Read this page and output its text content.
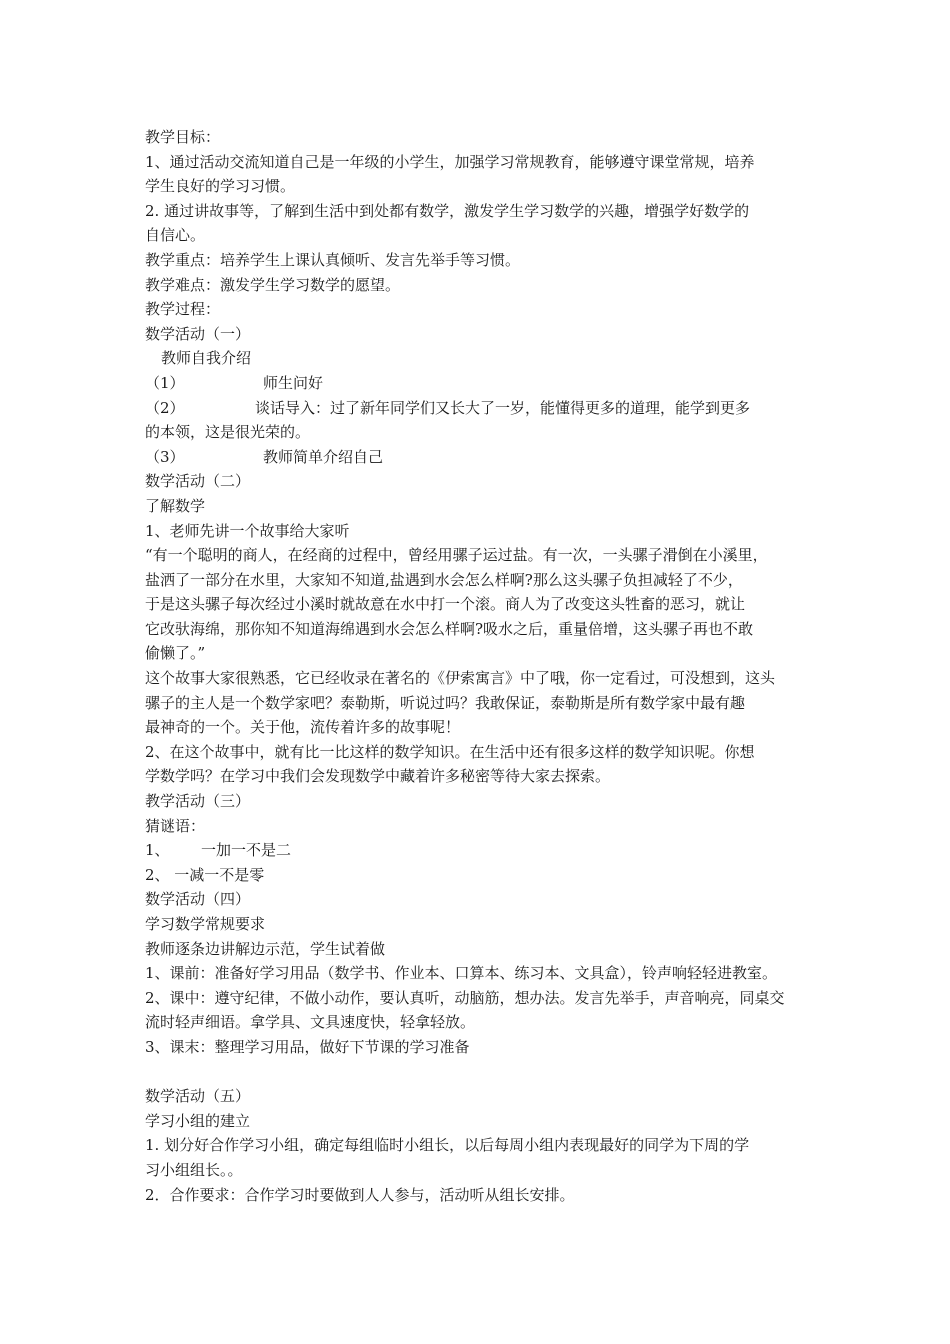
教学目标：
1、通过活动交流知道自己是一年级的小学生，加强学习常规教育，能够遵守课堂常规，培养
学生良好的学习习惯。
2. 通过讲故事等，了解到生活中到处都有数学，激发学生学习数学的兴趣，增强学好数学的
自信心。
教学重点：培养学生上课认真倾听、发言先举手等习惯。
教学难点：激发学生学习数学的愿望。
教学过程：
数学活动（一）
教师自我介绍
（1）	师生问好
（2）	谈话导入：过了新年同学们又长大了一岁，能懂得更多的道理，能学到更多
的本领，这是很光荣的。
（3）	教师简单介绍自己
数学活动（二）
了解数学
1、老师先讲一个故事给大家听
“有一个聪明的商人，在经商的过程中，曾经用骡子运过盐。有一次，一头骡子滑倒在小溪里，
盐洒了一部分在水里，大家知不知道,盐遇到水会怎么样啊?那么这头骡子负担减轻了不少，
于是这头骡子每次经过小溪时就故意在水中打一个滚。商人为了改变这头牲畜的恶习，就让
它改驮海绵，那你知不知道海绵遇到水会怎么样啊?吸水之后，重量倍增，这头骡子再也不敢
偷懒了。”
这个故事大家很熟悉，它已经收录在著名的《伊索寓言》中了哦，你一定看过，可没想到，这头
骡子的主人是一个数学家吧？泰勒斯，听说过吗？我敢保证，泰勒斯是所有数学家中最有趣
最神奇的一个。关于他，流传着许多的故事呢！
2、在这个故事中，就有比一比这样的数学知识。在生活中还有很多这样的数学知识呢。你想
学数学吗？在学习中我们会发现数学中藏着许多秘密等待大家去探索。
教学活动（三）
猜谜语：
1、 一加一不是二
2、 一减一不是零
数学活动（四）
学习数学常规要求
教师逐条边讲解边示范，学生试着做
1、课前：准备好学习用品（数学书、作业本、口算本、练习本、文具盒），铃声响轻轻进教室。
2、课中：遵守纪律，不做小动作，要认真听，动脑筋，想办法。发言先举手，声音响亮，同桌交
流时轻声细语。拿学具、文具速度快，轻拿轻放。
3、课末：整理学习用品，做好下节课的学习准备
数学活动（五）
学习小组的建立
1. 划分好合作学习小组，确定每组临时小组长，以后每周小组内表现最好的同学为下周的学
习小组组长。。
2．合作要求：合作学习时要做到人人参与，活动听从组长安排。
